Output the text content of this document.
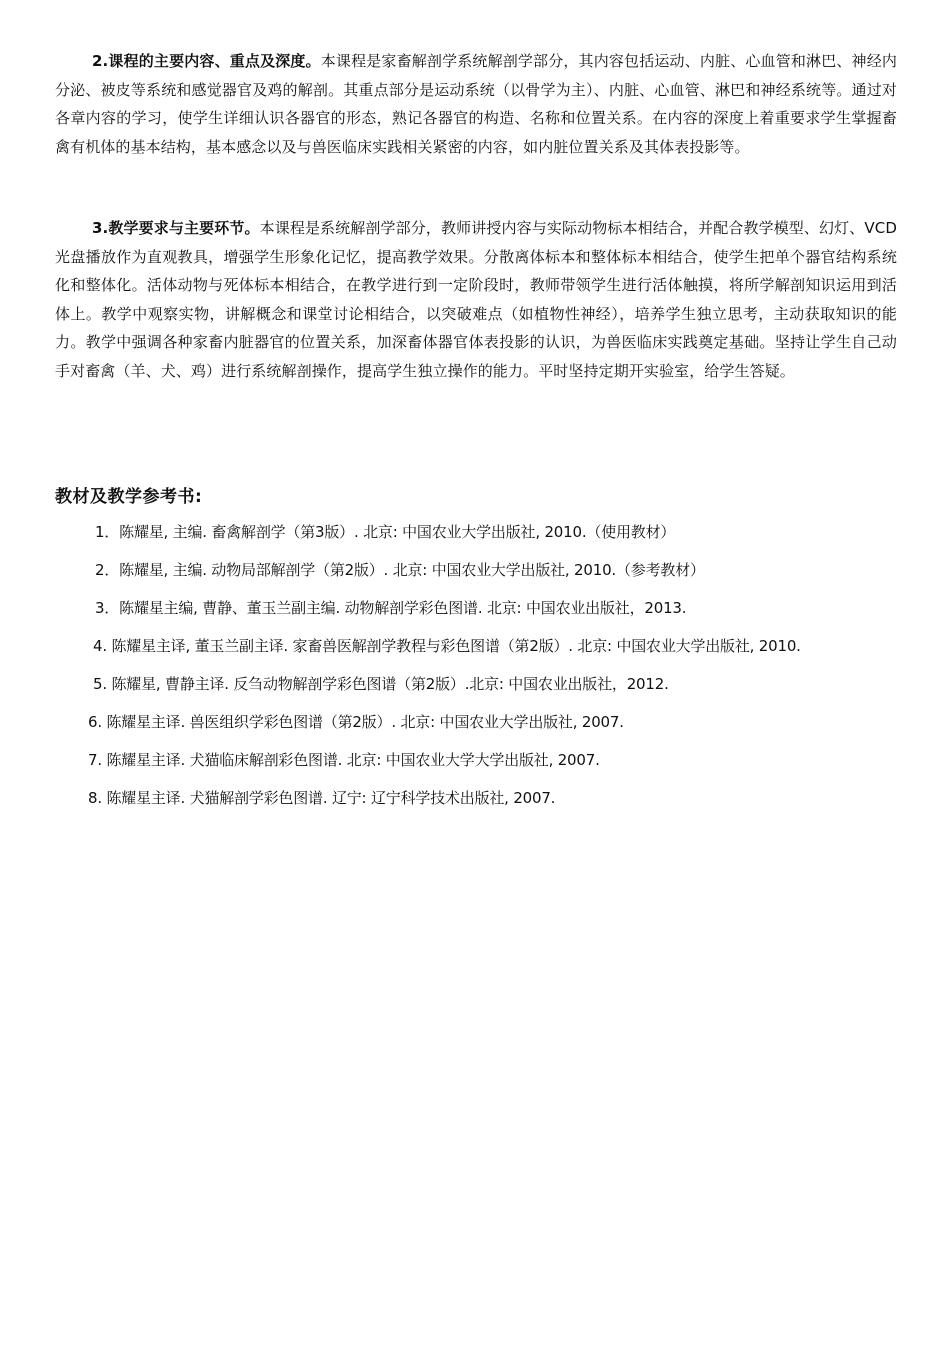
2.课程的主要内容、重点及深度。本课程是家畜解剖学系统解剖学部分，其内容包括运动、内脏、心血管和淋巴、神经内分泌、被皮等系统和感觉器官及鸡的解剖。其重点部分是运动系统（以骨学为主）、内脏、心血管、淋巴和神经系统等。通过对各章内容的学习，使学生详细认识各器官的形态，熟记各器官的构造、名称和位置关系。在内容的深度上着重要求学生掌握畜禽有机体的基本结构，基本感念以及与兽医临床实践相关紧密的内容，如内脏位置关系及其体表投影等。

3.教学要求与主要环节。本课程是系统解剖学部分，教师讲授内容与实际动物标本相结合，并配合教学模型、幻灯、VCD光盘播放作为直观教具，增强学生形象化记忆，提高教学效果。分散离体标本和整体标本相结合，使学生把单个器官结构系统化和整体化。活体动物与死体标本相结合，在教学进行到一定阶段时，教师带领学生进行活体触摸，将所学解剖知识运用到活体上。教学中观察实物，讲解概念和课堂讨论相结合，以突破难点（如植物性神经），培养学生独立思考，主动获取知识的能力。教学中强调各种家畜内脏器官的位置关系，加深畜体器官体表投影的认识，为兽医临床实践奠定基础。坚持让学生自己动手对畜禽（羊、犬、鸡）进行系统解剖操作，提高学生独立操作的能力。平时坚持定期开实验室，给学生答疑。

教材及教学参考书:
1．陈耀星, 主编. 畜禽解剖学（第3版）. 北京: 中国农业大学出版社, 2010.（使用教材）
2．陈耀星, 主编. 动物局部解剖学（第2版）. 北京: 中国农业大学出版社, 2010.（参考教材）
3．陈耀星主编, 曹静、董玉兰副主编. 动物解剖学彩色图谱. 北京: 中国农业出版社，2013.
4. 陈耀星主译, 董玉兰副主译. 家畜兽医解剖学教程与彩色图谱（第2版）. 北京: 中国农业大学出版社, 2010.
5. 陈耀星, 曹静主译. 反刍动物解剖学彩色图谱（第2版）.北京: 中国农业出版社，2012.
6. 陈耀星主译. 兽医组织学彩色图谱（第2版）. 北京: 中国农业大学出版社, 2007.
7. 陈耀星主译. 犬猫临床解剖彩色图谱. 北京: 中国农业大学大学出版社, 2007.
8. 陈耀星主译. 犬猫解剖学彩色图谱. 辽宁: 辽宁科学技术出版社, 2007.
